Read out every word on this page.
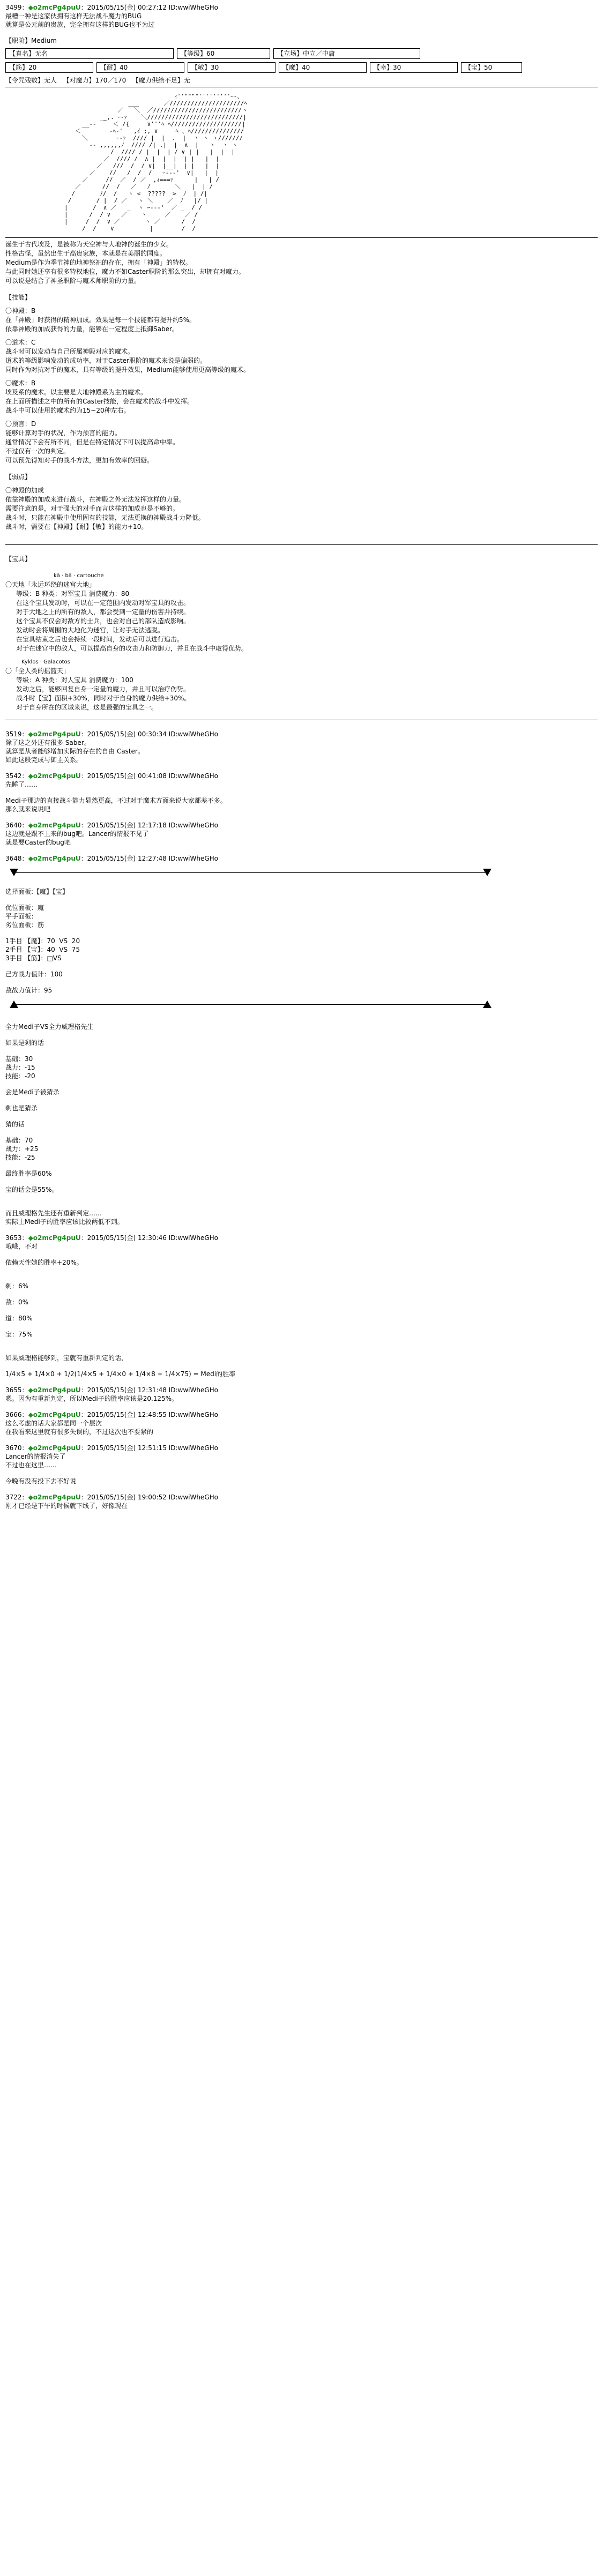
3499：◆o2mcPg4puU：2015/05/15(金) 00:27:12 ID:wwiWheGHo
最糟一种是这家伙拥有这样无法战斗魔力的BUG
就算是公元前的贵族，完全拥有这样的BUG也不为过
【职阶】Medium
【真名】无名	【等级】60	【立场】中立／中庸
【筋】20	【耐】40	【敏】30	【魔】40	【幸】30	【宝】50
【令咒残数】无人   【对魔力】170／170   【魔力供给不足】无
ｨ''""""'''''''''ｰ-、
___       ／/////////////////////ﾍ
／   ＼  ／/////////////////////////ヽ
_,. ｰ‐ｧ    ＼///////////////////////////|
__-‐ ￣  ＜ /{     ∨'''ﾍ ﾍ////////////////////|
＜        ‐ﾍ-'   ,ｲ ;, ∨     ﾍ 、ﾍ///////////////
＼        ｰ-ｧ  //// |  |  .  |  ヽ ヽ ヽ///////
‐- ,,,,,,ﾉ  //// /| .|  |  ∧  |   ヽ  ヽ ヽ
/  //// / |  |  | / ∨ | |   |  |  |
／  //// /  ∧ |  |  |  | |   |  |
／   ///  /  / ∨|  |__|  | |   |  |
／    //   /  /  /   ｰ--‐'  ∨|   |  |
／     //  ／  / ／  ,ｨ===ｧ      |   | /
／      //  /   ／   ﾉ       ＼   |  | /
/       ﾉ/  /   ヽ <  ?????  >  ﾉ  | /|
/       / |  / ／   ヽ ＼    ／  ﾉ   |/ |
|       /  ∧ ／   _  ヽ ｰ--‐'  ／ _  / /
|      /  / ∨   ／    ヽ     ／    ／ /
|     /  /  ∨ ／       ヽ ／      /  /
/  /    ∨          |        /  /
诞生于古代埃及，是被称为天空神与大地神的诞生的少女。
性格古怪，虽然出生于高贵家族，本就是在美丽的国度。
Medium是作为季节神的地神祭祀的存在，拥有「神殿」的特权。
与此同时她还享有很多特权地位，魔力不如Caster职阶的那么突出，却拥有对魔力。
可以说是结合了神圣职阶与魔术师职阶的力量。
【技能】
〇神殿：B
在「神殿」时获得的精神加成。效果是每一个技能都有提升约5%。
依靠神殿的加成获得的力量，能够在一定程度上抵御Saber。
〇道术：C
战斗时可以发动与自己所属神殿对应的魔术。
道术的等级影响发动的成功率，对于Caster职阶的魔术来说是偏弱的。
同时作为对抗对手的魔术，具有等级的提升效果，Medium能够使用更高等级的魔术。
〇魔术：B
埃及系的魔术。以主要是大地神殿系为主的魔术。
在上面所描述之中的所有的Caster技能，会在魔术的战斗中发挥。
战斗中可以使用的魔术约为15~20种左右。
〇预言：D
能够计算对手的状况，作为预言的能力。
通常情况下会有所不同，但是在特定情况下可以提高命中率。
不过仅有一次的判定。
可以预先得知对手的战斗方法，更加有效率的回避。
【弱点】
〇神殿的加成
依靠神殿的加成来进行战斗，在神殿之外无法发挥这样的力量。
需要注意的是，对于强大的对手而言这样的加成也是不够的。
战斗时，只能在神殿中使用固有的技能，无法更换的神殿战斗力降低。
战斗时，需要在【神殿】【耐】【敏】的能力+10。
【宝具】
kā · bā · cartouche
〇天地「永远环绕的迷宫大地」
等级：B 种类：对军宝具 消费魔力：80
在这个宝具发动时，可以在一定范围内发动对军宝具的攻击。
对于大地之上的所有的敌人，都会受到一定量的伤害并持续。
这个宝具不仅会对敌方的士兵，也会对自己的部队造成影响。
发动时会将周围的大地化为迷宫，让对手无法逃脱。
在宝具结束之后也会持续一段时间，发动后可以进行追击。
对于在迷宫中的敌人，可以提高自身的攻击力和防御力，并且在战斗中取得优势。
Kyklos · Galacotos
〇「全人类的摇篮天」
等级：A 种类：对人宝具 消费魔力：100
发动之后，能够回复自身一定量的魔力，并且可以治疗伤势。
战斗时【宝】面积+30%，同时对于自身的魔力供给+30%。
对于自身所在的区域来说，这是最强的宝具之一。
3519：◆o2mcPg4puU：2015/05/15(金) 00:30:34 ID:wwiWheGHo
除了这之外还有很多 Saber。
就算是从者能够增加实际的存在的自由 Caster。
如此这般完成与御主关系。
3542：◆o2mcPg4puU：2015/05/15(金) 00:41:08 ID:wwiWheGHo
先睡了……
Medi子那边的直接战斗能力显然更高，不过对于魔术方面来说大家都差不多。
那么就来说说吧
3640：◆o2mcPg4puU：2015/05/15(金) 12:17:18 ID:wwiWheGHo
这边就是跟不上来的bug吧。Lancer的情报不见了
就是要Caster的bug吧
3648：◆o2mcPg4puU：2015/05/15(金) 12:27:48 ID:wwiWheGHo
选择面板:【魔】【宝】
优位面板：魔
平手面板：
劣位面板：筋
1手目 【魔】：70  VS  20
2手目 【宝】：40  VS  75
3手目 【筋】：□VS
己方战力值计：100
敌战力值计：95
全力Medi子VS全力威理格先生
如果是剩的话
基础：30
战力：-15
技能：-20
会是Medi子被猜杀
剩也是猜杀
猜的话
基础：70
战力：+25
技能：-25
最终胜率是60%
宝的话会是55%。
而且威理格先生还有重新判定……
实际上Medi子的胜率应该比较两低不到。
3653：◆o2mcPg4puU：2015/05/15(金) 12:30:46 ID:wwiWheGHo
哦哦，不对
依赖天性她的胜率+20%。
剩：6%
敌：0%
道：80%
宝：75%
如果威理格能够到，宝就有重新判定的话，
1/4×5 + 1/4×0 + 1/2(1/4×5 + 1/4×0 + 1/4×8 + 1/4×75) = Medi的胜率
3655：◆o2mcPg4puU：2015/05/15(金) 12:31:48 ID:wwiWheGHo
嗯。因为有重新判定，所以Medi子的胜率应该是20.125%。
3666：◆o2mcPg4puU：2015/05/15(金) 12:48:55 ID:wwiWheGHo
这么考虑的话大家都是同一个层次
在我看来这里就有很多失误的，不过这次也不要紧的
3670：◆o2mcPg4puU：2015/05/15(金) 12:51:15 ID:wwiWheGHo
Lancer的情报消失了
不过也在这里……
今晚有没有投下去不好说
3722：◆o2mcPg4puU：2015/05/15(金) 19:00:52 ID:wwiWheGHo
刚才已经是下午的时候就下线了，好像现在
